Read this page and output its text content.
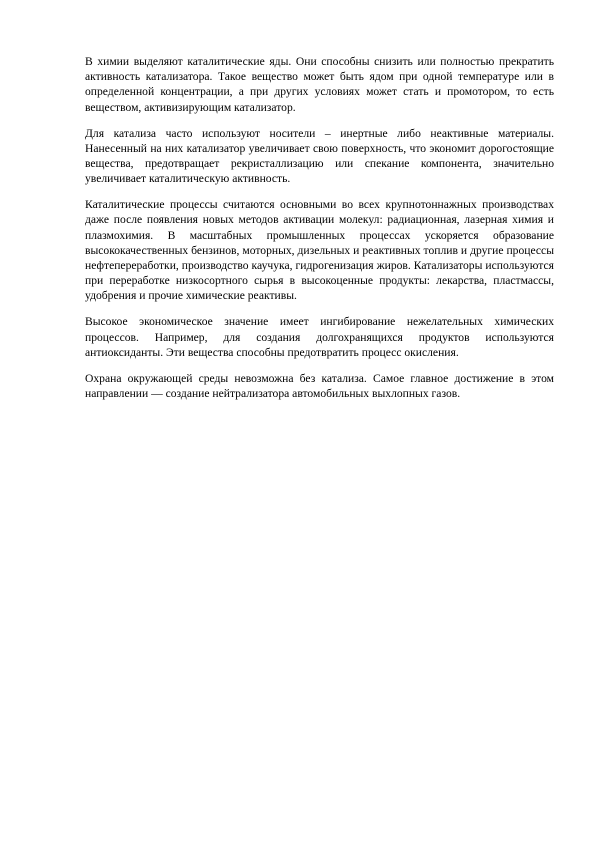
В химии выделяют каталитические яды. Они способны снизить или полностью прекратить активность катализатора. Такое вещество может быть ядом при одной температуре или в определенной концентрации, а при других условиях может стать и промотором, то есть веществом, активизирующим катализатор.

Для катализа часто используют носители – инертные либо неактивные материалы. Нанесенный на них катализатор увеличивает свою поверхность, что экономит дорогостоящие вещества, предотвращает рекристаллизацию или спекание компонента, значительно увеличивает каталитическую активность.

Каталитические процессы считаются основными во всех крупнотоннажных производствах даже после появления новых методов активации молекул: радиационная, лазерная химия и плазмохимия. В масштабных промышленных процессах ускоряется образование высококачественных бензинов, моторных, дизельных и реактивных топлив и другие процессы нефтепереработки, производство каучука, гидрогенизация жиров. Катализаторы используются при переработке низкосортного сырья в высокоценные продукты: лекарства, пластмассы, удобрения и прочие химические реактивы.

Высокое экономическое значение имеет ингибирование нежелательных химических процессов. Например, для создания долгохранящихся продуктов используются антиоксиданты. Эти вещества способны предотвратить процесс окисления.

Охрана окружающей среды невозможна без катализа. Самое главное достижение в этом направлении — создание нейтрализатора автомобильных выхлопных газов.
